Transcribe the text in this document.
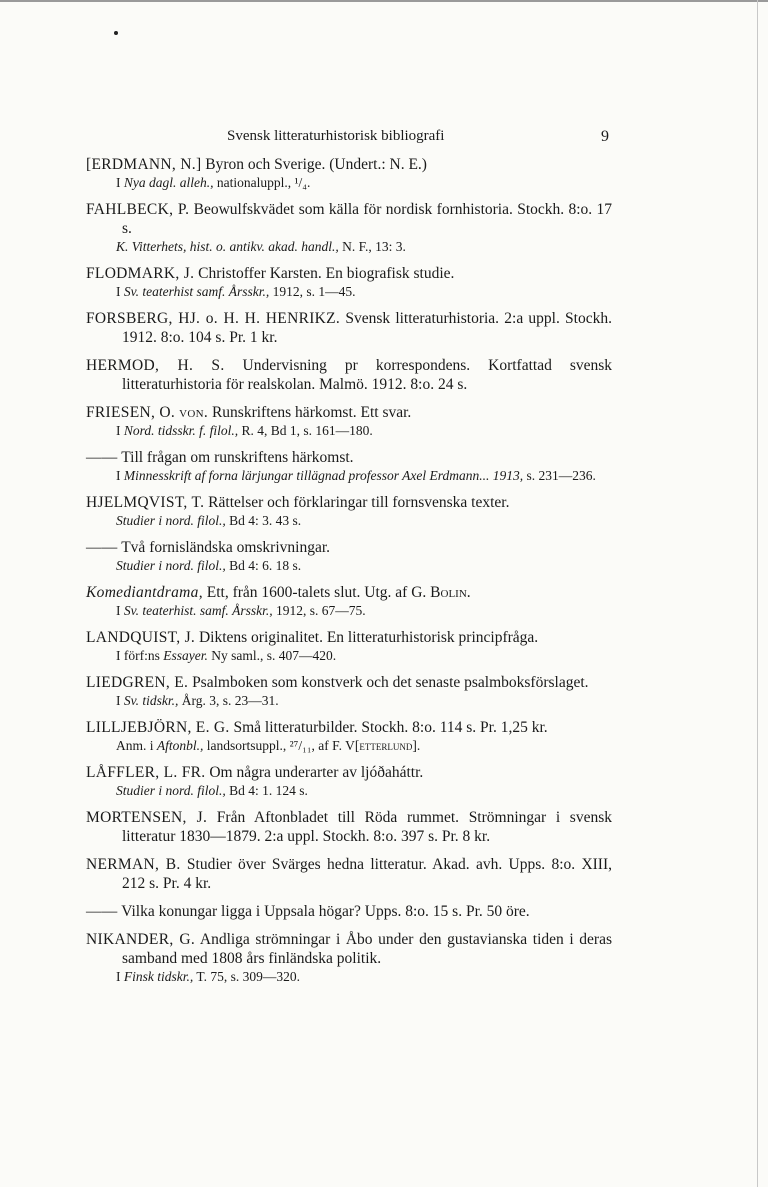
Svensk litteraturhistorisk bibliografi	9
[ERDMANN, N.] Byron och Sverige. (Undert.: N. E.)
I Nya dagl. alleh., nationaluppl., ¹/₄.
FAHLBECK, P. Beowulfskvädet som källa för nordisk fornhistoria. Stockh. 8:o. 17 s.
K. Vitterhets, hist. o. antikv. akad. handl., N. F., 13: 3.
FLODMARK, J. Christoffer Karsten. En biografisk studie.
I Sv. teaterhist samf. Årsskr., 1912, s. 1—45.
FORSBERG, HJ. o. H. H. HENRIKZ. Svensk litteraturhistoria. 2:a uppl. Stockh. 1912. 8:o. 104 s. Pr. 1 kr.
HERMOD, H. S. Undervisning pr korrespondens. Kortfattad svensk litteraturhistoria för realskolan. Malmö. 1912. 8:o. 24 s.
FRIESEN, O. von. Runskriftens härkomst. Ett svar.
I Nord. tidsskr. f. filol., R. 4, Bd 1, s. 161—180.
—— Till frågan om runskriftens härkomst.
I Minnesskrift af forna lärjungar tillägnad professor Axel Erdmann... 1913, s. 231—236.
HJELMQVIST, T. Rättelser och förklaringar till fornsvenska texter.
Studier i nord. filol., Bd 4: 3. 43 s.
—— Två fornisländska omskrivningar.
Studier i nord. filol., Bd 4: 6. 18 s.
Komediantdrama, Ett, från 1600-talets slut. Utg. af G. Bolin.
I Sv. teaterhist. samf. Årsskr., 1912, s. 67—75.
LANDQUIST, J. Diktens originalitet. En litteraturhistorisk principfråga.
I förf:ns Essayer. Ny saml., s. 407—420.
LIEDGREN, E. Psalmboken som konstverk och det senaste psalmboksförslaget.
I Sv. tidskr., Årg. 3, s. 23—31.
LILLJEBJÖRN, E. G. Små litteraturbilder. Stockh. 8:o. 114 s. Pr. 1,25 kr.
Anm. i Aftonbl., landsortsuppl., ²⁷/₁₁, af F. V[etterlund].
LÅFFLER, L. FR. Om några underarter av ljóðaháttr.
Studier i nord. filol., Bd 4: 1. 124 s.
MORTENSEN, J. Från Aftonbladet till Röda rummet. Strömningar i svensk litteratur 1830—1879. 2:a uppl. Stockh. 8:o. 397 s. Pr. 8 kr.
NERMAN, B. Studier över Svärges hedna litteratur. Akad. avh. Upps. 8:o. XIII, 212 s. Pr. 4 kr.
—— Vilka konungar ligga i Uppsala högar? Upps. 8:o. 15 s. Pr. 50 öre.
NIKANDER, G. Andliga strömningar i Åbo under den gustavianska tiden i deras samband med 1808 års finländska politik.
I Finsk tidskr., T. 75, s. 309—320.
